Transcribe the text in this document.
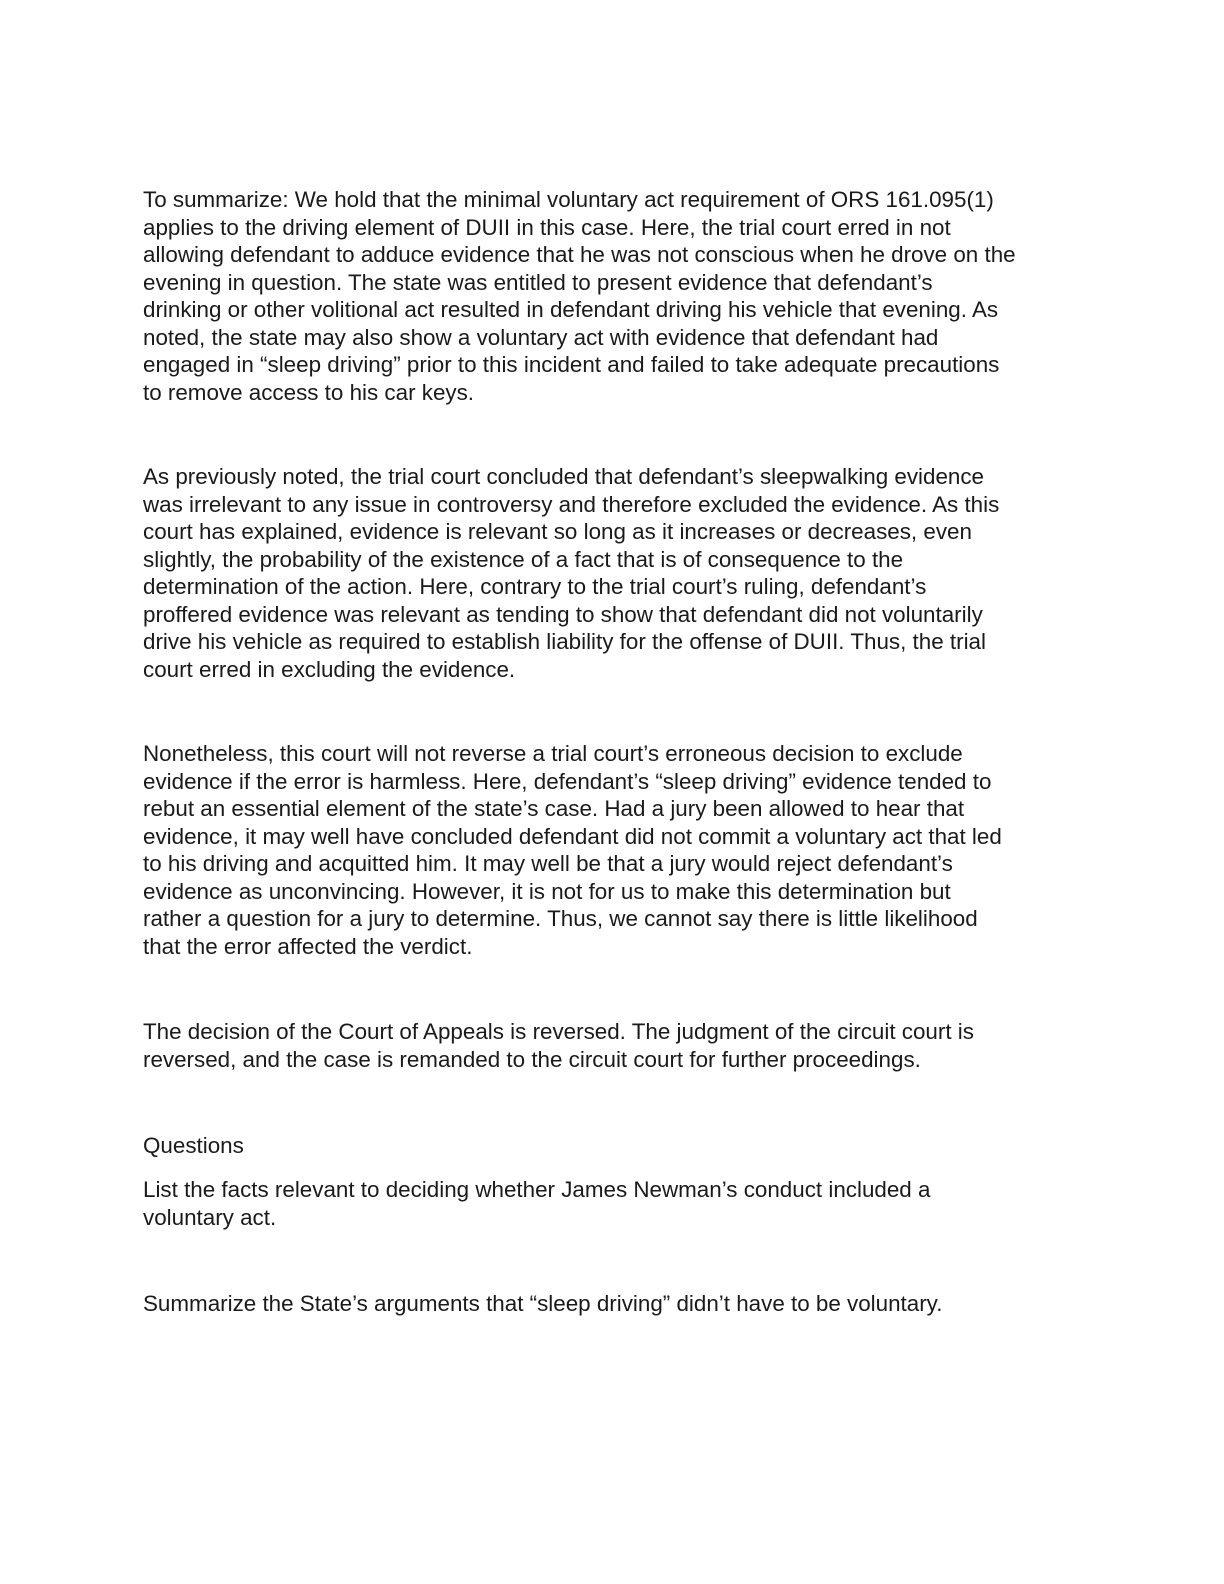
To summarize: We hold that the minimal voluntary act requirement of ORS 161.095(1)
applies to the driving element of DUII in this case. Here, the trial court erred in not
allowing defendant to adduce evidence that he was not conscious when he drove on the
evening in question. The state was entitled to present evidence that defendant’s
drinking or other volitional act resulted in defendant driving his vehicle that evening. As
noted, the state may also show a voluntary act with evidence that defendant had
engaged in “sleep driving” prior to this incident and failed to take adequate precautions
to remove access to his car keys.

As previously noted, the trial court concluded that defendant’s sleepwalking evidence
was irrelevant to any issue in controversy and therefore excluded the evidence. As this
court has explained, evidence is relevant so long as it increases or decreases, even
slightly, the probability of the existence of a fact that is of consequence to the
determination of the action. Here, contrary to the trial court’s ruling, defendant’s
proffered evidence was relevant as tending to show that defendant did not voluntarily
drive his vehicle as required to establish liability for the offense of DUII. Thus, the trial
court erred in excluding the evidence.

Nonetheless, this court will not reverse a trial court’s erroneous decision to exclude
evidence if the error is harmless. Here, defendant’s “sleep driving” evidence tended to
rebut an essential element of the state’s case. Had a jury been allowed to hear that
evidence, it may well have concluded defendant did not commit a voluntary act that led
to his driving and acquitted him. It may well be that a jury would reject defendant’s
evidence as unconvincing. However, it is not for us to make this determination but
rather a question for a jury to determine. Thus, we cannot say there is little likelihood
that the error affected the verdict.

The decision of the Court of Appeals is reversed. The judgment of the circuit court is
reversed, and the case is remanded to the circuit court for further proceedings.

Questions

List the facts relevant to deciding whether James Newman’s conduct included a
voluntary act.

Summarize the State’s arguments that “sleep driving” didn’t have to be voluntary.
